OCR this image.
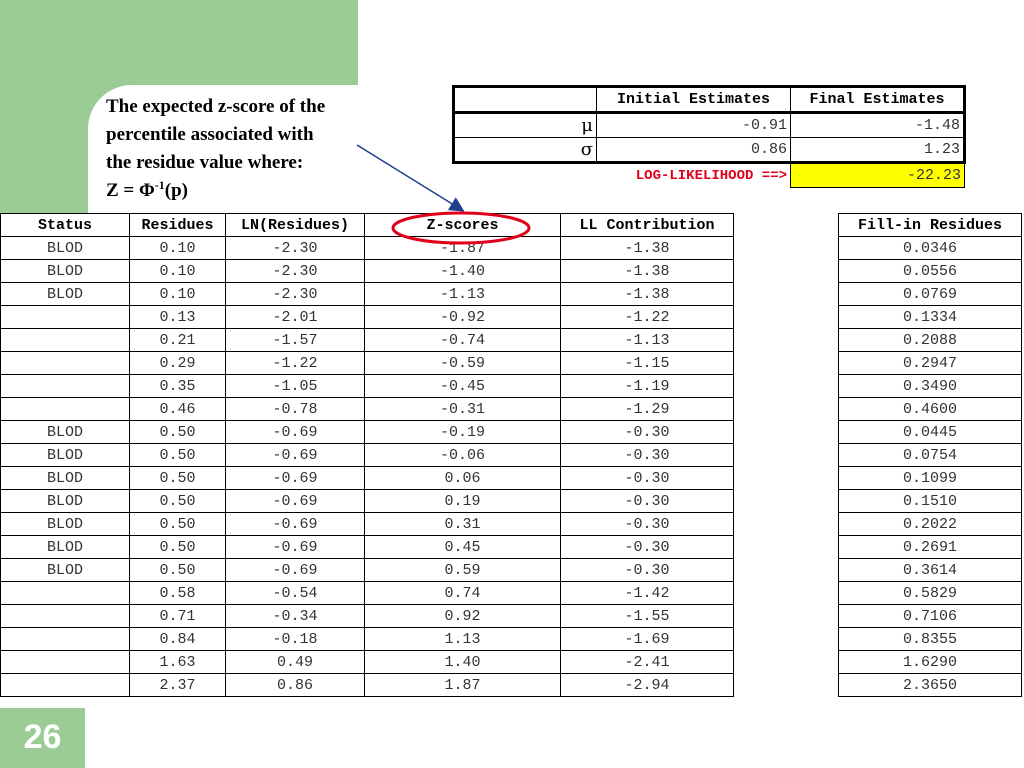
The expected z-score of the
percentile associated with
the residue value where:
$Z = \Phi^{-1}(p)$
	Initial Estimates	Final Estimates
μ	-0.91	-1.48
σ	0.86	1.23
	LOG-LIKELIHOOD ==>	-22.23
Status	Residues	LN(Residues)	Z-scores	LL Contribution
BLOD	0.10	-2.30	-1.87	-1.38
BLOD	0.10	-2.30	-1.40	-1.38
BLOD	0.10	-2.30	-1.13	-1.38
	0.13	-2.01	-0.92	-1.22
	0.21	-1.57	-0.74	-1.13
	0.29	-1.22	-0.59	-1.15
	0.35	-1.05	-0.45	-1.19
	0.46	-0.78	-0.31	-1.29
BLOD	0.50	-0.69	-0.19	-0.30
BLOD	0.50	-0.69	-0.06	-0.30
BLOD	0.50	-0.69	0.06	-0.30
BLOD	0.50	-0.69	0.19	-0.30
BLOD	0.50	-0.69	0.31	-0.30
BLOD	0.50	-0.69	0.45	-0.30
BLOD	0.50	-0.69	0.59	-0.30
	0.58	-0.54	0.74	-1.42
	0.71	-0.34	0.92	-1.55
	0.84	-0.18	1.13	-1.69
	1.63	0.49	1.40	-2.41
	2.37	0.86	1.87	-2.94
Fill-in Residues
0.0346
0.0556
0.0769
0.1334
0.2088
0.2947
0.3490
0.4600
0.0445
0.0754
0.1099
0.1510
0.2022
0.2691
0.3614
0.5829
0.7106
0.8355
1.6290
2.3650
26
